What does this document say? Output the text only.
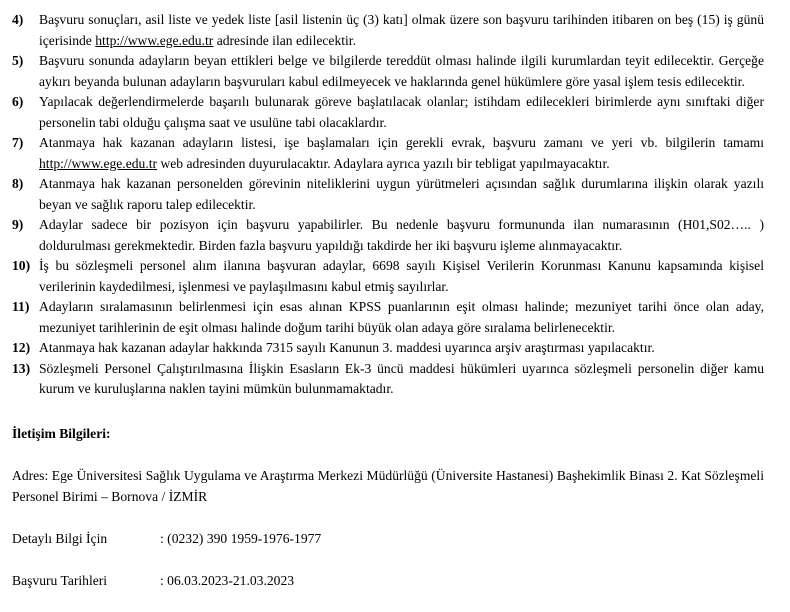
4) Başvuru sonuçları, asil liste ve yedek liste [asil listenin üç (3) katı] olmak üzere son başvuru tarihinden itibaren on beş (15) iş günü içerisinde http://www.ege.edu.tr adresinde ilan edilecektir.
5) Başvuru sonunda adayların beyan ettikleri belge ve bilgilerde tereddüt olması halinde ilgili kurumlardan teyit edilecektir. Gerçeğe aykırı beyanda bulunan adayların başvuruları kabul edilmeyecek ve haklarında genel hükümlere göre yasal işlem tesis edilecektir.
6) Yapılacak değerlendirmelerde başarılı bulunarak göreve başlatılacak olanlar; istihdam edilecekleri birimlerde aynı sınıftaki diğer personelin tabi olduğu çalışma saat ve usulüne tabi olacaklardır.
7) Atanmaya hak kazanan adayların listesi, işe başlamaları için gerekli evrak, başvuru zamanı ve yeri vb. bilgilerin tamamı http://www.ege.edu.tr web adresinden duyurulacaktır. Adaylara ayrıca yazılı bir tebligat yapılmayacaktır.
8) Atanmaya hak kazanan personelden görevinin niteliklerini uygun yürütmeleri açısından sağlık durumlarına ilişkin olarak yazılı beyan ve sağlık raporu talep edilecektir.
9) Adaylar sadece bir pozisyon için başvuru yapabilirler. Bu nedenle başvuru formununda ilan numarasının (H01,S02….. ) doldurulması gerekmektedir. Birden fazla başvuru yapıldığı takdirde her iki başvuru işleme alınmayacaktır.
10) İş bu sözleşmeli personel alım ilanına başvuran adaylar, 6698 sayılı Kişisel Verilerin Korunması Kanunu kapsamında kişisel verilerinin kaydedilmesi, işlenmesi ve paylaşılmasını kabul etmiş sayılırlar.
11) Adayların sıralamasının belirlenmesi için esas alınan KPSS puanlarının eşit olması halinde; mezuniyet tarihi önce olan aday, mezuniyet tarihlerinin de eşit olması halinde doğum tarihi büyük olan adaya göre sıralama belirlenecektir.
12) Atanmaya hak kazanan adaylar hakkında 7315 sayılı Kanunun 3. maddesi uyarınca arşiv araştırması yapılacaktır.
13) Sözleşmeli Personel Çalıştırılmasına İlişkin Esasların Ek-3 üncü maddesi hükümleri uyarınca sözleşmeli personelin diğer kamu kurum ve kuruluşlarına naklen tayini mümkün bulunmamaktadır.
İletişim Bilgileri:
Adres: Ege Üniversitesi Sağlık Uygulama ve Araştırma Merkezi Müdürlüğü (Üniversite Hastanesi) Başhekimlik Binası 2. Kat Sözleşmeli Personel Birimi – Bornova / İZMİR
Detaylı Bilgi İçin	: (0232) 390 1959-1976-1977
Başvuru Tarihleri	: 06.03.2023-21.03.2023
